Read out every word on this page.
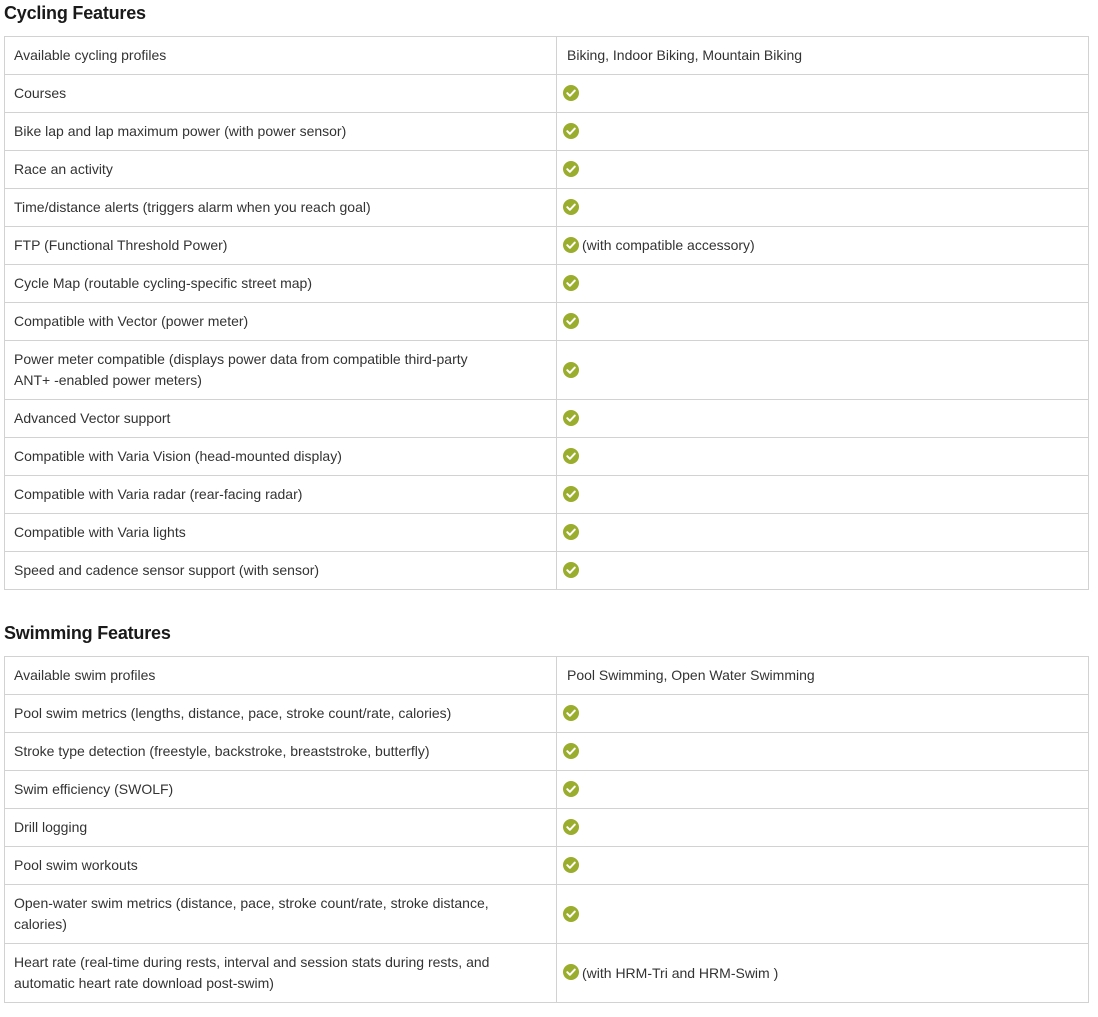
Cycling Features
Available cycling profiles	Biking, Indoor Biking, Mountain Biking
Courses	
Bike lap and lap maximum power (with power sensor)	
Race an activity	
Time/distance alerts (triggers alarm when you reach goal)	
FTP (Functional Threshold Power)	(with compatible accessory)
Cycle Map (routable cycling-specific street map)	
Compatible with Vector (power meter)	
Power meter compatible (displays power data from compatible third-party
ANT+ -enabled power meters)	
Advanced Vector support	
Compatible with Varia Vision (head-mounted display)	
Compatible with Varia radar (rear-facing radar)	
Compatible with Varia lights	
Speed and cadence sensor support (with sensor)	
Swimming Features
Available swim profiles	Pool Swimming, Open Water Swimming
Pool swim metrics (lengths, distance, pace, stroke count/rate, calories)	
Stroke type detection (freestyle, backstroke, breaststroke, butterfly)	
Swim efficiency (SWOLF)	
Drill logging	
Pool swim workouts	
Open-water swim metrics (distance, pace, stroke count/rate, stroke distance,
calories)	
Heart rate (real-time during rests, interval and session stats during rests, and
automatic heart rate download post-swim)	(with HRM-Tri and HRM-Swim )
